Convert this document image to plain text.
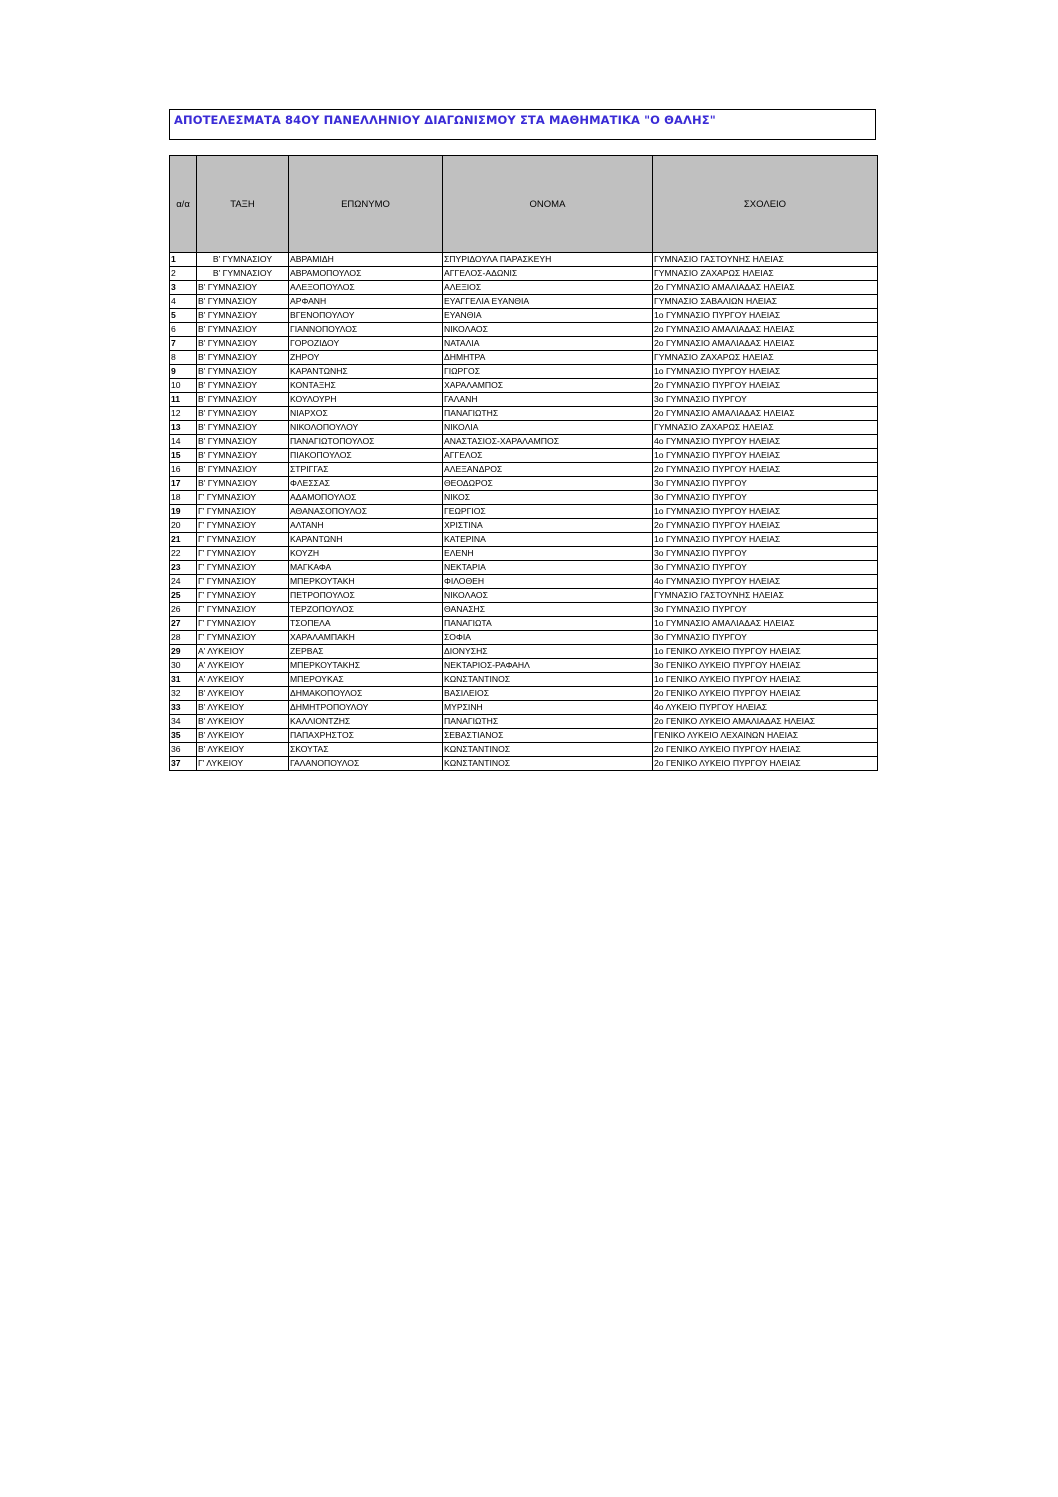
ΑΠΟΤΕΛΕΣΜΑΤΑ 84ΟΥ ΠΑΝΕΛΛΗΝΙΟΥ ΔΙΑΓΩΝΙΣΜΟΥ ΣΤΑ ΜΑΘΗΜΑΤΙΚΑ "Ο ΘΑΛΗΣ"
α/α	ΤΑΞΗ	ΕΠΩΝΥΜΟ	ΟΝΟΜΑ	ΣΧΟΛΕΙΟ
1	Β' ΓΥΜΝΑΣΙΟΥ	ΑΒΡΑΜΙΔΗ	ΣΠΥΡΙΔΟΥΛΑ ΠΑΡΑΣΚΕΥΗ	ΓΥΜΝΑΣΙΟ ΓΑΣΤΟΥΝΗΣ ΗΛΕΙΑΣ
2	Β' ΓΥΜΝΑΣΙΟΥ	ΑΒΡΑΜΟΠΟΥΛΟΣ	ΑΓΓΕΛΟΣ-ΑΔΩΝΙΣ	ΓΥΜΝΑΣΙΟ ΖΑΧΑΡΩΣ ΗΛΕΙΑΣ
3	Β' ΓΥΜΝΑΣΙΟΥ	ΑΛΕΞΟΠΟΥΛΟΣ	ΑΛΕΞΙΟΣ	2ο ΓΥΜΝΑΣΙΟ ΑΜΑΛΙΑΔΑΣ ΗΛΕΙΑΣ
4	Β' ΓΥΜΝΑΣΙΟΥ	ΑΡΦΑΝΗ	ΕΥΑΓΓΕΛΙΑ ΕΥΑΝΘΙΑ	ΓΥΜΝΑΣΙΟ ΣΑΒΑΛΙΩΝ ΗΛΕΙΑΣ
5	Β' ΓΥΜΝΑΣΙΟΥ	ΒΓΕΝΟΠΟΥΛΟΥ	ΕΥΑΝΘΙΑ	1ο ΓΥΜΝΑΣΙΟ ΠΥΡΓΟΥ ΗΛΕΙΑΣ
6	Β' ΓΥΜΝΑΣΙΟΥ	ΓΙΑΝΝΟΠΟΥΛΟΣ	ΝΙΚΟΛΑΟΣ	2ο ΓΥΜΝΑΣΙΟ ΑΜΑΛΙΑΔΑΣ ΗΛΕΙΑΣ
7	Β' ΓΥΜΝΑΣΙΟΥ	ΓΟΡΟΖΙΔΟΥ	ΝΑΤΑΛΙΑ	2ο ΓΥΜΝΑΣΙΟ ΑΜΑΛΙΑΔΑΣ ΗΛΕΙΑΣ
8	Β' ΓΥΜΝΑΣΙΟΥ	ΖΗΡΟΥ	ΔΗΜΗΤΡΑ	ΓΥΜΝΑΣΙΟ ΖΑΧΑΡΩΣ ΗΛΕΙΑΣ
9	Β' ΓΥΜΝΑΣΙΟΥ	ΚΑΡΑΝΤΩΝΗΣ	ΓΙΩΡΓΟΣ	1ο ΓΥΜΝΑΣΙΟ ΠΥΡΓΟΥ ΗΛΕΙΑΣ
10	Β' ΓΥΜΝΑΣΙΟΥ	ΚΟΝΤΑΞΗΣ	ΧΑΡΑΛΑΜΠΟΣ	2ο ΓΥΜΝΑΣΙΟ ΠΥΡΓΟΥ ΗΛΕΙΑΣ
11	Β' ΓΥΜΝΑΣΙΟΥ	ΚΟΥΛΟΥΡΗ	ΓΑΛΑΝΗ	3ο ΓΥΜΝΑΣΙΟ ΠΥΡΓΟΥ
12	Β' ΓΥΜΝΑΣΙΟΥ	ΝΙΑΡΧΟΣ	ΠΑΝΑΓΙΩΤΗΣ	2ο ΓΥΜΝΑΣΙΟ ΑΜΑΛΙΑΔΑΣ ΗΛΕΙΑΣ
13	Β' ΓΥΜΝΑΣΙΟΥ	ΝΙΚΟΛΟΠΟΥΛΟΥ	ΝΙΚΟΛΙΑ	ΓΥΜΝΑΣΙΟ ΖΑΧΑΡΩΣ ΗΛΕΙΑΣ
14	Β' ΓΥΜΝΑΣΙΟΥ	ΠΑΝΑΓΙΩΤΟΠΟΥΛΟΣ	ΑΝΑΣΤΑΣΙΟΣ-ΧΑΡΑΛΑΜΠΟΣ	4ο ΓΥΜΝΑΣΙΟ ΠΥΡΓΟΥ ΗΛΕΙΑΣ
15	Β' ΓΥΜΝΑΣΙΟΥ	ΠΙΑΚΟΠΟΥΛΟΣ	ΑΓΓΕΛΟΣ	1ο ΓΥΜΝΑΣΙΟ ΠΥΡΓΟΥ ΗΛΕΙΑΣ
16	Β' ΓΥΜΝΑΣΙΟΥ	ΣΤΡΙΓΓΑΣ	ΑΛΕΞΑΝΔΡΟΣ	2ο ΓΥΜΝΑΣΙΟ ΠΥΡΓΟΥ ΗΛΕΙΑΣ
17	Β' ΓΥΜΝΑΣΙΟΥ	ΦΛΕΣΣΑΣ	ΘΕΟΔΩΡΟΣ	3ο ΓΥΜΝΑΣΙΟ ΠΥΡΓΟΥ
18	Γ' ΓΥΜΝΑΣΙΟΥ	ΑΔΑΜΟΠΟΥΛΟΣ	ΝΙΚΟΣ	3ο ΓΥΜΝΑΣΙΟ ΠΥΡΓΟΥ
19	Γ' ΓΥΜΝΑΣΙΟΥ	ΑΘΑΝΑΣΟΠΟΥΛΟΣ	ΓΕΩΡΓΙΟΣ	1ο ΓΥΜΝΑΣΙΟ ΠΥΡΓΟΥ ΗΛΕΙΑΣ
20	Γ' ΓΥΜΝΑΣΙΟΥ	ΑΛΤΑΝΗ	ΧΡΙΣΤΙΝΑ	2ο ΓΥΜΝΑΣΙΟ ΠΥΡΓΟΥ ΗΛΕΙΑΣ
21	Γ' ΓΥΜΝΑΣΙΟΥ	ΚΑΡΑΝΤΩΝΗ	ΚΑΤΕΡΙΝΑ	1ο ΓΥΜΝΑΣΙΟ ΠΥΡΓΟΥ ΗΛΕΙΑΣ
22	Γ' ΓΥΜΝΑΣΙΟΥ	ΚΟΥΖΗ	ΕΛΕΝΗ	3ο ΓΥΜΝΑΣΙΟ ΠΥΡΓΟΥ
23	Γ' ΓΥΜΝΑΣΙΟΥ	ΜΑΓΚΑΦΑ	ΝΕΚΤΑΡΙΑ	3ο ΓΥΜΝΑΣΙΟ ΠΥΡΓΟΥ
24	Γ' ΓΥΜΝΑΣΙΟΥ	ΜΠΕΡΚΟΥΤΑΚΗ	ΦΙΛΟΘΕΗ	4ο ΓΥΜΝΑΣΙΟ ΠΥΡΓΟΥ ΗΛΕΙΑΣ
25	Γ' ΓΥΜΝΑΣΙΟΥ	ΠΕΤΡΟΠΟΥΛΟΣ	ΝΙΚΟΛΑΟΣ	ΓΥΜΝΑΣΙΟ ΓΑΣΤΟΥΝΗΣ ΗΛΕΙΑΣ
26	Γ' ΓΥΜΝΑΣΙΟΥ	ΤΕΡΖΟΠΟΥΛΟΣ	ΘΑΝΑΣΗΣ	3ο ΓΥΜΝΑΣΙΟ ΠΥΡΓΟΥ
27	Γ' ΓΥΜΝΑΣΙΟΥ	ΤΣΟΠΕΛΑ	ΠΑΝΑΓΙΩΤΑ	1ο ΓΥΜΝΑΣΙΟ ΑΜΑΛΙΑΔΑΣ ΗΛΕΙΑΣ
28	Γ' ΓΥΜΝΑΣΙΟΥ	ΧΑΡΑΛΑΜΠΑΚΗ	ΣΟΦΙΑ	3ο ΓΥΜΝΑΣΙΟ ΠΥΡΓΟΥ
29	Α' ΛΥΚΕΙΟΥ	ΖΕΡΒΑΣ	ΔΙΟΝΥΣΗΣ	1ο ΓΕΝΙΚΟ ΛΥΚΕΙΟ ΠΥΡΓΟΥ ΗΛΕΙΑΣ
30	Α' ΛΥΚΕΙΟΥ	ΜΠΕΡΚΟΥΤΑΚΗΣ	ΝΕΚΤΑΡΙΟΣ-ΡΑΦΑΗΛ	3ο ΓΕΝΙΚΟ ΛΥΚΕΙΟ ΠΥΡΓΟΥ ΗΛΕΙΑΣ
31	Α' ΛΥΚΕΙΟΥ	ΜΠΕΡΟΥΚΑΣ	ΚΩΝΣΤΑΝΤΙΝΟΣ	1ο ΓΕΝΙΚΟ ΛΥΚΕΙΟ ΠΥΡΓΟΥ ΗΛΕΙΑΣ
32	Β' ΛΥΚΕΙΟΥ	ΔΗΜΑΚΟΠΟΥΛΟΣ	ΒΑΣΙΛΕΙΟΣ	2ο ΓΕΝΙΚΟ ΛΥΚΕΙΟ ΠΥΡΓΟΥ ΗΛΕΙΑΣ
33	Β' ΛΥΚΕΙΟΥ	ΔΗΜΗΤΡΟΠΟΥΛΟΥ	ΜΥΡΣΙΝΗ	4ο ΛΥΚΕΙΟ ΠΥΡΓΟΥ ΗΛΕΙΑΣ
34	Β' ΛΥΚΕΙΟΥ	ΚΑΛΛΙΟΝΤΖΗΣ	ΠΑΝΑΓΙΩΤΗΣ	2ο ΓΕΝΙΚΟ ΛΥΚΕΙΟ ΑΜΑΛΙΑΔΑΣ ΗΛΕΙΑΣ
35	Β' ΛΥΚΕΙΟΥ	ΠΑΠΑΧΡΗΣΤΟΣ	ΣΕΒΑΣΤΙΑΝΟΣ	ΓΕΝΙΚΟ ΛΥΚΕΙΟ ΛΕΧΑΙΝΩΝ ΗΛΕΙΑΣ
36	Β' ΛΥΚΕΙΟΥ	ΣΚΟΥΤΑΣ	ΚΩΝΣΤΑΝΤΙΝΟΣ	2ο ΓΕΝΙΚΟ ΛΥΚΕΙΟ ΠΥΡΓΟΥ ΗΛΕΙΑΣ
37	Γ' ΛΥΚΕΙΟΥ	ΓΑΛΑΝΟΠΟΥΛΟΣ	ΚΩΝΣΤΑΝΤΙΝΟΣ	2ο ΓΕΝΙΚΟ ΛΥΚΕΙΟ ΠΥΡΓΟΥ ΗΛΕΙΑΣ
